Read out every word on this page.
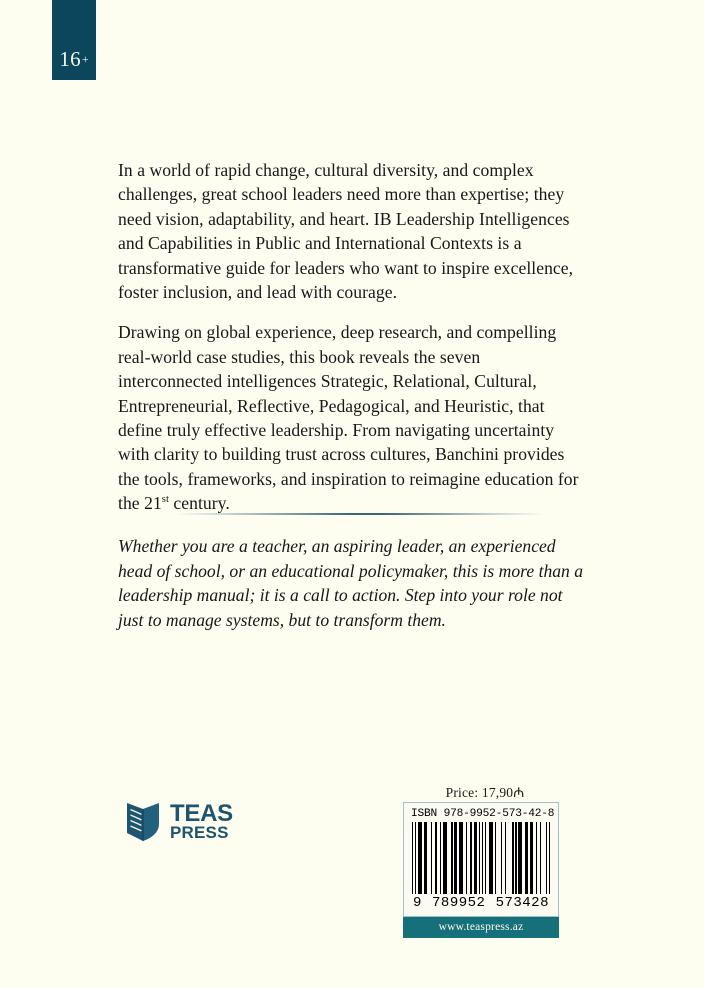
16 +

In a world of rapid change, cultural diversity, and complex challenges, great school leaders need more than expertise; they need vision, adaptability, and heart. IB Leadership Intelligences and Capabilities in Public and International Contexts is a transformative guide for leaders who want to inspire excellence, foster inclusion, and lead with courage.

Drawing on global experience, deep research, and compelling real-world case studies, this book reveals the seven interconnected intelligences Strategic, Relational, Cultural, Entrepreneurial, Reflective, Pedagogical, and Heuristic, that define truly effective leadership. From navigating uncertainty with clarity to building trust across cultures, Banchini provides the tools, frameworks, and inspiration to reimagine education for the 21st century.

Whether you are a teacher, an aspiring leader, an experienced head of school, or an educational policymaker, this is more than a leadership manual; it is a call to action. Step into your role not just to manage systems, but to transform them.

TEAS
PRESS
Price: 17,90₼
ISBN 978-9952-573-42-8
9 789952 573428
www.teaspress.az
